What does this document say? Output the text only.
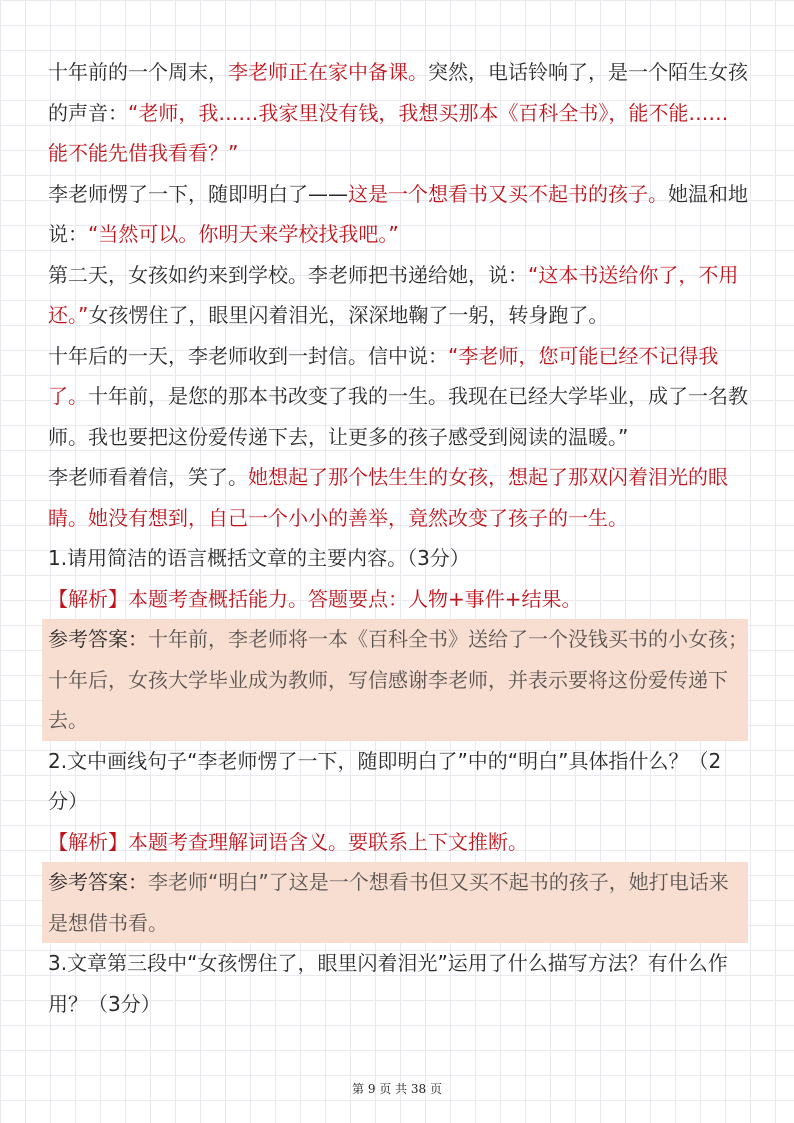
十年前的一个周末，李老师正在家中备课。突然，电话铃响了，是一个陌生女孩的声音：“老师，我……我家里没有钱，我想买那本《百科全书》，能不能……能不能先借我看看？”

李老师愣了一下，随即明白了——这是一个想看书又买不起书的孩子。她温和地说：“当然可以。你明天来学校找我吧。”

第二天，女孩如约来到学校。李老师把书递给她，说：“这本书送给你了，不用还。”女孩愣住了，眼里闪着泪光，深深地鞠了一躬，转身跑了。

十年后的一天，李老师收到一封信。信中说：“李老师，您可能已经不记得我了。十年前，是您的那本书改变了我的一生。我现在已经大学毕业，成了一名教师。我也要把这份爱传递下去，让更多的孩子感受到阅读的温暖。”

李老师看着信，笑了。她想起了那个怯生生的女孩，想起了那双闪着泪光的眼睛。她没有想到，自己一个小小的善举，竟然改变了孩子的一生。

1.请用简洁的语言概括文章的主要内容。（3分）

【解析】本题考查概括能力。答题要点：人物+事件+结果。

参考答案：十年前，李老师将一本《百科全书》送给了一个没钱买书的小女孩；十年后，女孩大学毕业成为教师，写信感谢李老师，并表示要将这份爱传递下去。

2.文中画线句子“李老师愣了一下，随即明白了”中的“明白”具体指什么？（2分）

【解析】本题考查理解词语含义。要联系上下文推断。

参考答案：李老师“明白”了这是一个想看书但又买不起书的孩子，她打电话来是想借书看。

3.文章第三段中“女孩愣住了，眼里闪着泪光”运用了什么描写方法？有什么作用？（3分）

第 9 页 共 38 页
